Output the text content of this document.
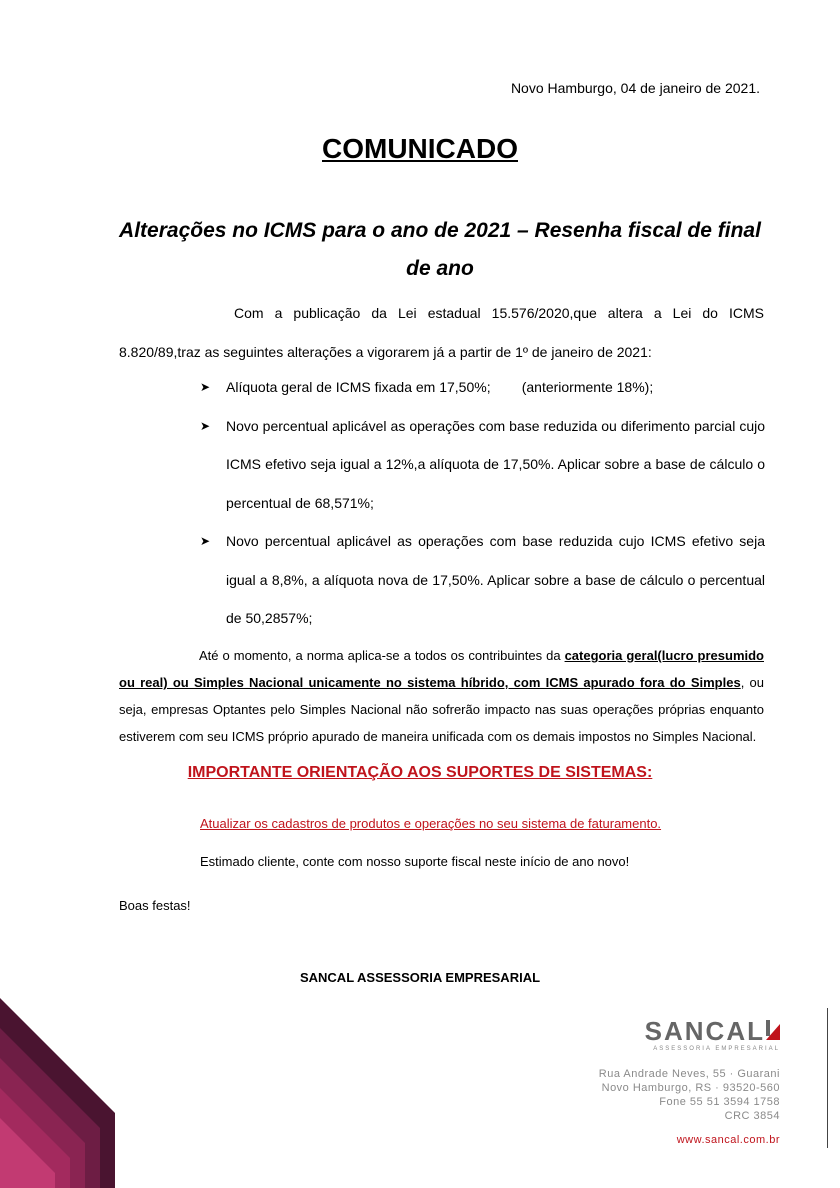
Novo Hamburgo, 04 de janeiro de 2021.
COMUNICADO
Alterações no ICMS para o ano de 2021 – Resenha fiscal de final de ano
Com a publicação da Lei estadual 15.576/2020,que altera a Lei do ICMS 8.820/89,traz as seguintes alterações a vigorarem já a partir de 1º de janeiro de 2021:
➤ Alíquota geral de ICMS fixada em 17,50%;        (anteriormente 18%);
➤ Novo percentual aplicável as operações com base reduzida ou diferimento parcial cujo ICMS efetivo seja igual a 12%,a alíquota de 17,50%. Aplicar sobre a base de cálculo o percentual de 68,571%;
➤ Novo percentual aplicável as operações com base reduzida cujo ICMS efetivo seja igual a 8,8%, a alíquota nova de 17,50%. Aplicar sobre a base de cálculo o percentual de 50,2857%;
Até o momento, a norma aplica-se a todos os contribuintes da categoria geral(lucro presumido ou real) ou Simples Nacional unicamente no sistema híbrido, com ICMS apurado fora do Simples, ou seja, empresas Optantes pelo Simples Nacional não sofrerão impacto nas suas operações próprias enquanto estiverem com seu ICMS próprio apurado de maneira unificada com os demais impostos no Simples Nacional.
IMPORTANTE ORIENTAÇÃO AOS SUPORTES DE SISTEMAS:
Atualizar os cadastros de produtos e operações no seu sistema de faturamento.
Estimado cliente, conte com nosso suporte fiscal neste início de ano novo!
Boas festas!
SANCAL ASSESSORIA EMPRESARIAL
SANCAL
ASSESSORIA EMPRESARIAL
Rua Andrade Neves, 55 · Guarani
Novo Hamburgo, RS · 93520-560
Fone 55 51 3594 1758
CRC 3854
www.sancal.com.br
